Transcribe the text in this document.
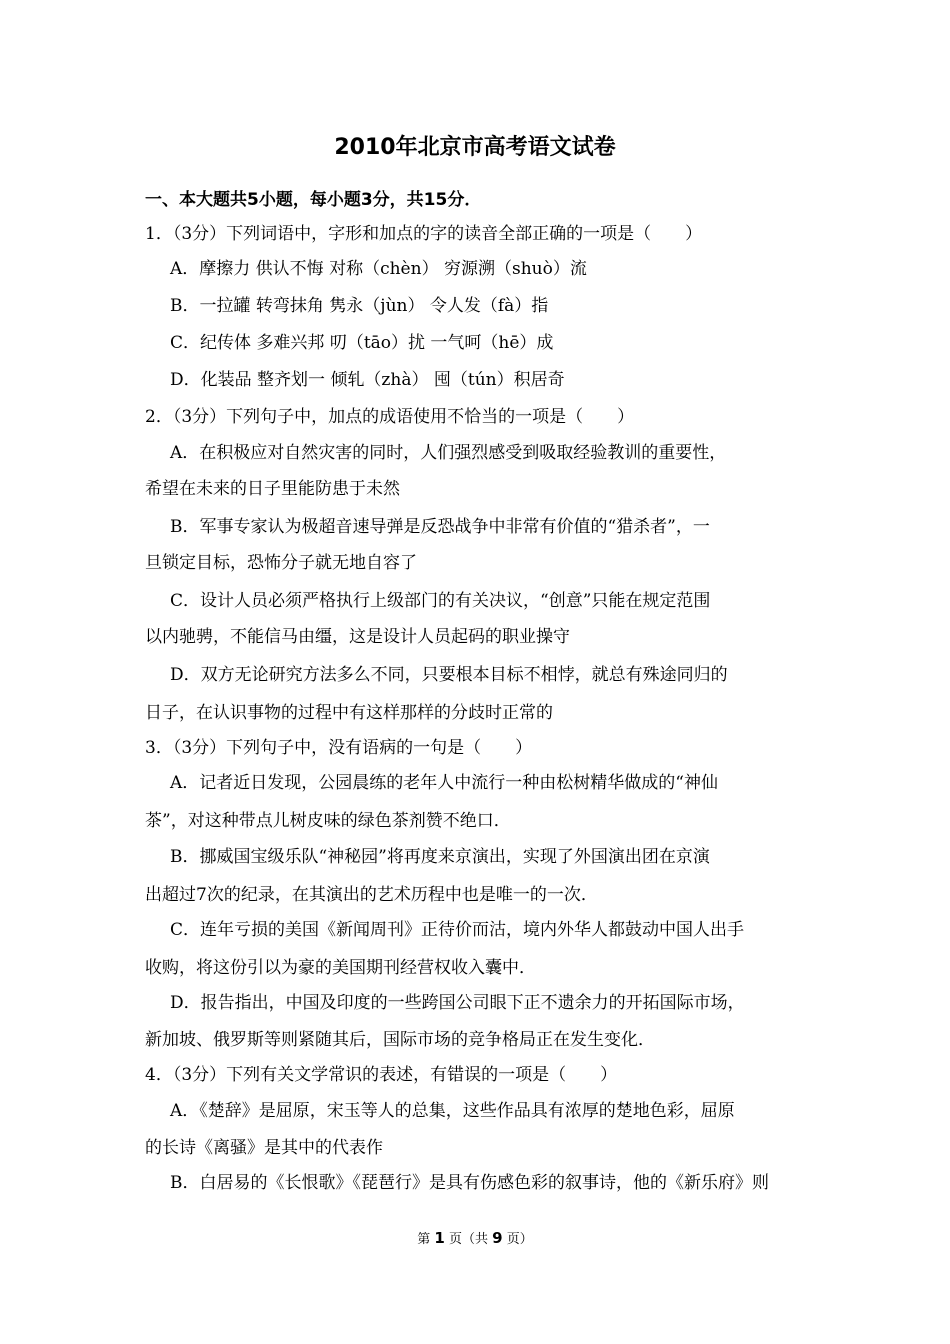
2010年北京市高考语文试卷
一、本大题共5小题，每小题3分，共15分．
1．（3分）下列词语中，字形和加点的字的读音全部正确的一项是（　　）
A．摩擦力 供认不悔 对称（chèn） 穷源溯（shuò）流
B．一拉罐 转弯抹角 隽永（jùn） 令人发（fà）指
C．纪传体 多难兴邦 叨（tāo）扰 一气呵（hē）成
D．化装品 整齐划一 倾轧（zhà） 囤（tún）积居奇
2．（3分）下列句子中，加点的成语使用不恰当的一项是（　　）
A．在积极应对自然灾害的同时，人们强烈感受到吸取经验教训的重要性，
希望在未来的日子里能防患于未然
B．军事专家认为极超音速导弹是反恐战争中非常有价值的“猎杀者”，一
旦锁定目标，恐怖分子就无地自容了
C．设计人员必须严格执行上级部门的有关决议，“创意”只能在规定范围
以内驰骋，不能信马由缰，这是设计人员起码的职业操守
D．双方无论研究方法多么不同，只要根本目标不相悖，就总有殊途同归的
日子，在认识事物的过程中有这样那样的分歧时正常的
3．（3分）下列句子中，没有语病的一句是（　　）
A．记者近日发现，公园晨练的老年人中流行一种由松树精华做成的“神仙
茶”，对这种带点儿树皮味的绿色茶剂赞不绝口．
B．挪威国宝级乐队“神秘园”将再度来京演出，实现了外国演出团在京演
出超过7次的纪录，在其演出的艺术历程中也是唯一的一次．
C．连年亏损的美国《新闻周刊》正待价而沽，境内外华人都鼓动中国人出手
收购，将这份引以为豪的美国期刊经营权收入囊中．
D．报告指出，中国及印度的一些跨国公司眼下正不遗余力的开拓国际市场，
新加坡、俄罗斯等则紧随其后，国际市场的竞争格局正在发生变化．
4．（3分）下列有关文学常识的表述，有错误的一项是（　　）
A．《楚辞》是屈原，宋玉等人的总集，这些作品具有浓厚的楚地色彩，屈原
的长诗《离骚》是其中的代表作
B．白居易的《长恨歌》《琵琶行》是具有伤感色彩的叙事诗，他的《新乐府》则
第 1 页（共 9 页）
